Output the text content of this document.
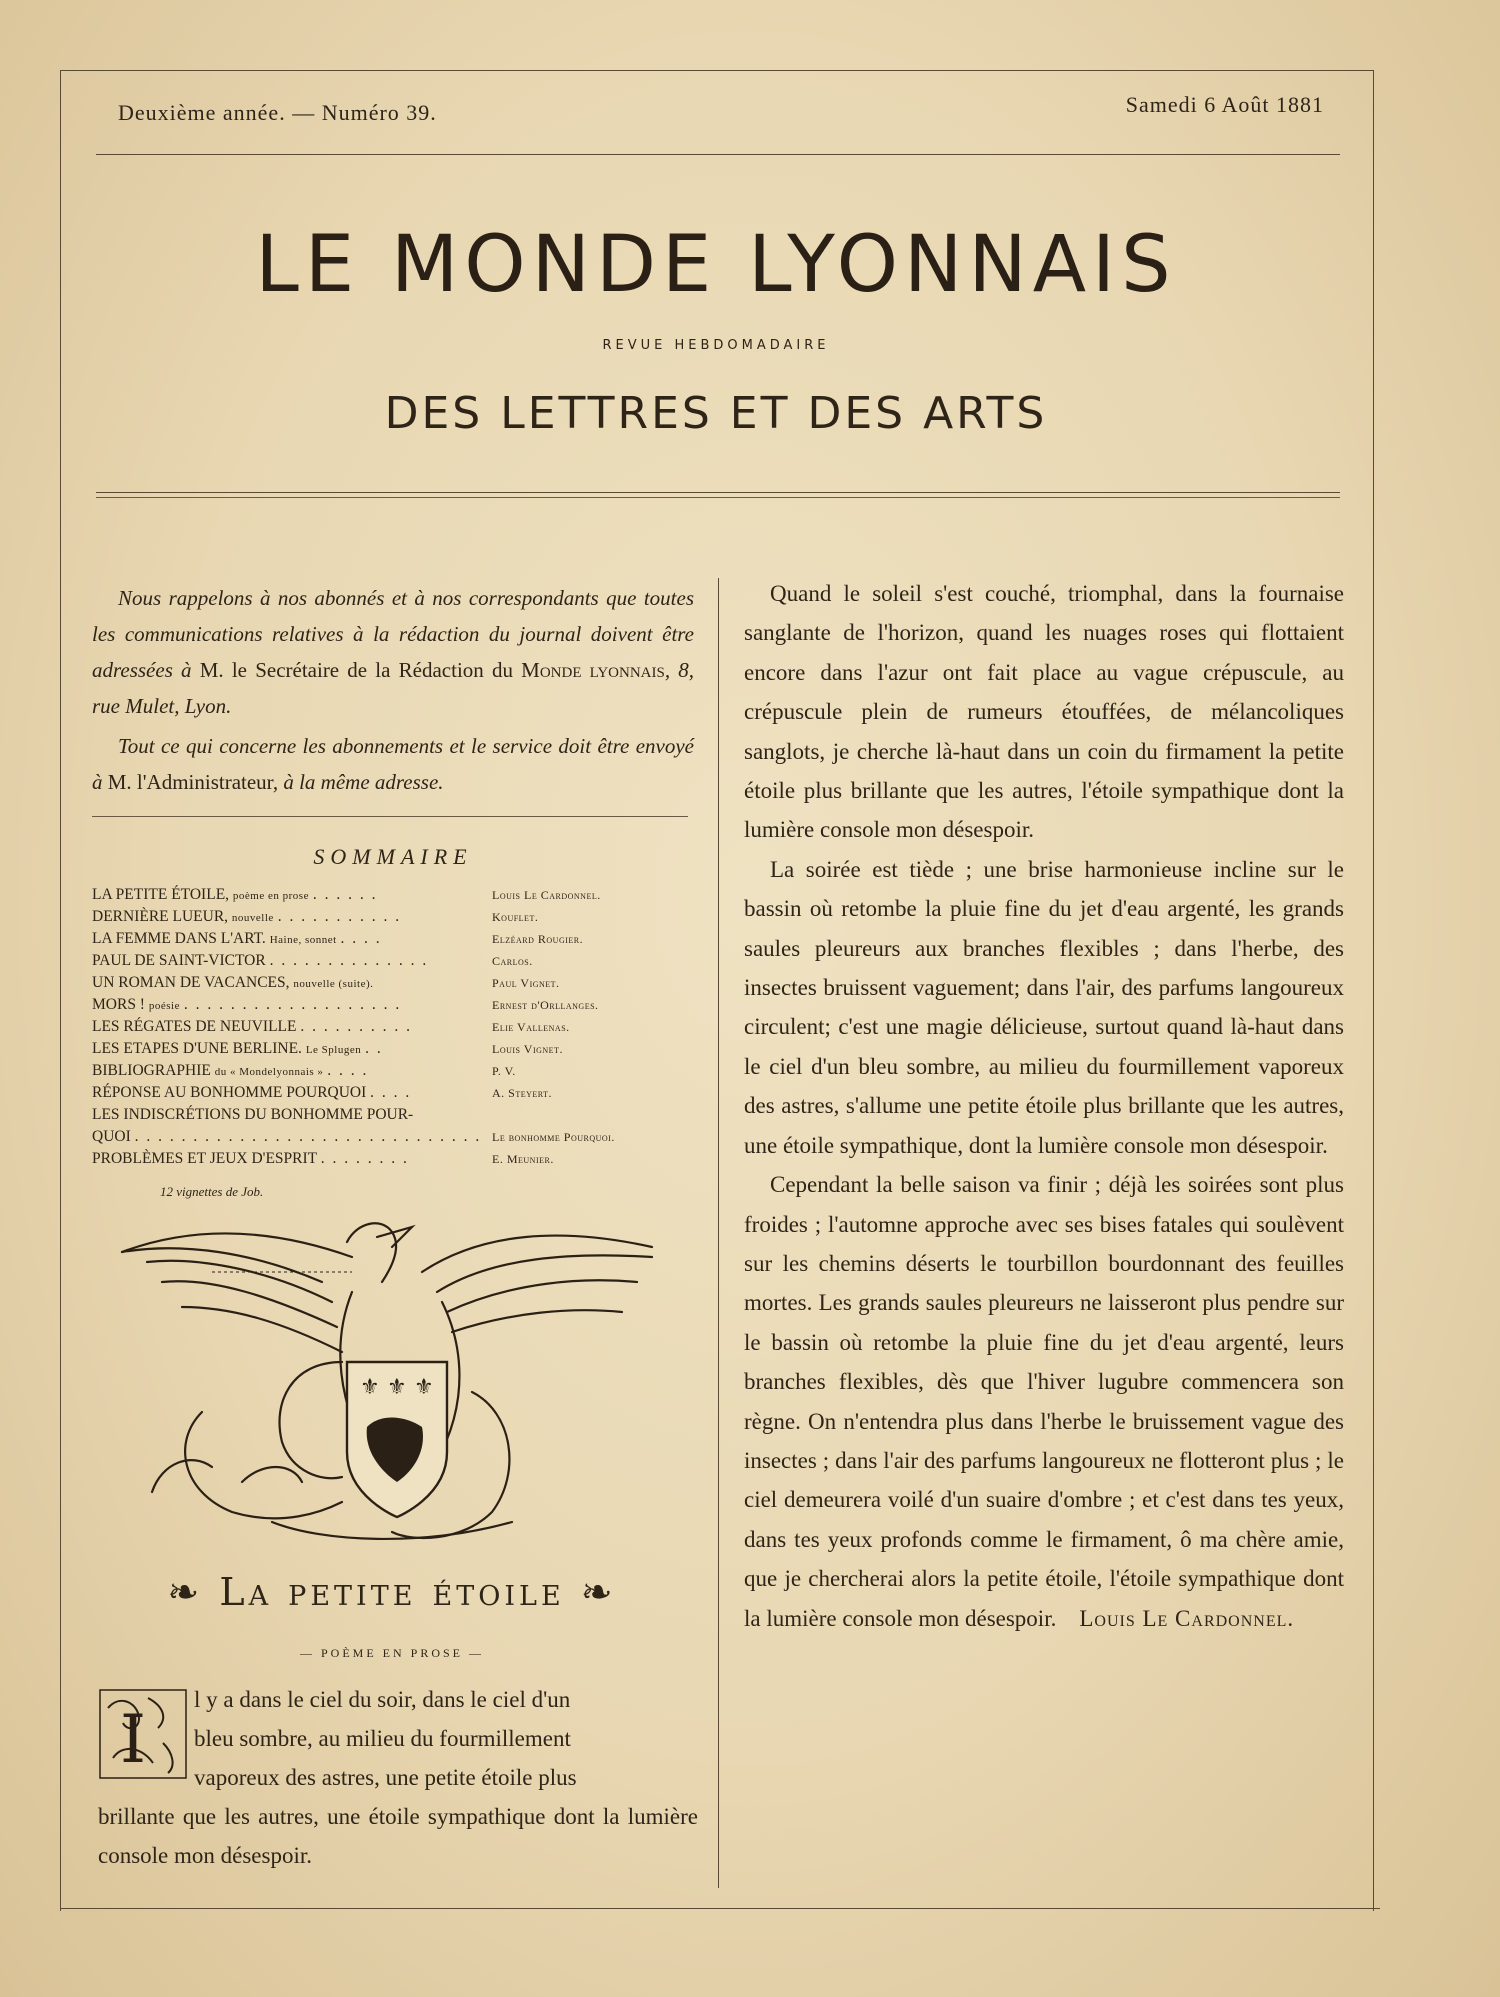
Deuxième année. — Numéro 39.	Samedi 6 Août 1881
LE MONDE LYONNAIS
REVUE HEBDOMADAIRE
DES LETTRES ET DES ARTS

Nous rappelons à nos abonnés et à nos correspondants que toutes les communications relatives à la rédaction du journal doivent être adressées à M. le Secrétaire de la Rédaction du Monde lyonnais, 8, rue Mulet, Lyon.

Tout ce qui concerne les abonnements et le service doit être envoyé à M. l'Administrateur, à la même adresse.

SOMMAIRE
LA PETITE ÉTOILE, poème en prose . . . . . .	Louis Le Cardonnel.
DERNIÈRE LUEUR, nouvelle . . . . . . . . . . .	Kouflet.
LA FEMME DANS L'ART. Haine, sonnet . . . .	Elzéard Rougier.
PAUL DE SAINT-VICTOR . . . . . . . . . . . . . .	Carlos.
UN ROMAN DE VACANCES, nouvelle (suite).	Paul Vignet.
MORS ! poésie . . . . . . . . . . . . . . . . . . .	Ernest d'Orllanges.
LES RÉGATES DE NEUVILLE . . . . . . . . . .	Elie Vallenas.
LES ETAPES D'UNE BERLINE. Le Splugen . .	Louis Vignet.
BIBLIOGRAPHIE du « Mondelyonnais » . . . .	P. V.
RÉPONSE AU BONHOMME POURQUOI . . . .	A. Steyert.
LES INDISCRÉTIONS DU BONHOMME POUR-
QUOI . . . . . . . . . . . . . . . . . . . . . . . . . . . . . . Le bonhomme Pourquoi.
PROBLÈMES ET JEUX D'ESPRIT . . . . . . . .	E. Meunier.
12 vignettes de Job.
⚜ ⚜ ⚜
❧ La petite étoile ❧
— POÈME EN PROSE —
I
l y a dans le ciel du soir, dans le ciel d'un
bleu sombre, au milieu du fourmillement
vaporeux des astres, une petite étoile plus
brillante que les autres, une étoile sympathique dont la lumière console mon désespoir.

Quand le soleil s'est couché, triomphal, dans la fournaise sanglante de l'horizon, quand les nuages roses qui flottaient encore dans l'azur ont fait place au vague crépuscule, au crépuscule plein de rumeurs étouffées, de mélancoliques sanglots, je cherche là-haut dans un coin du firmament la petite étoile plus brillante que les autres, l'étoile sympathique dont la lumière console mon désespoir.

La soirée est tiède ; une brise harmonieuse incline sur le bassin où retombe la pluie fine du jet d'eau argenté, les grands saules pleureurs aux branches flexibles ; dans l'herbe, des insectes bruissent vaguement; dans l'air, des parfums langoureux circulent; c'est une magie délicieuse, surtout quand là-haut dans le ciel d'un bleu sombre, au milieu du fourmillement vaporeux des astres, s'allume une petite étoile plus brillante que les autres, une étoile sympathique, dont la lumière console mon désespoir.

Cependant la belle saison va finir ; déjà les soirées sont plus froides ; l'automne approche avec ses bises fatales qui soulèvent sur les chemins déserts le tourbillon bourdonnant des feuilles mortes. Les grands saules pleureurs ne laisseront plus pendre sur le bassin où retombe la pluie fine du jet d'eau argenté, leurs branches flexibles, dès que l'hiver lugubre commencera son règne. On n'entendra plus dans l'herbe le bruissement vague des insectes ; dans l'air des parfums langoureux ne flotteront plus ; le ciel demeurera voilé d'un suaire d'ombre ; et c'est dans tes yeux, dans tes yeux profonds comme le firmament, ô ma chère amie, que je chercherai alors la petite étoile, l'étoile sympathique dont la lumière console mon désespoir. Louis Le Cardonnel.
